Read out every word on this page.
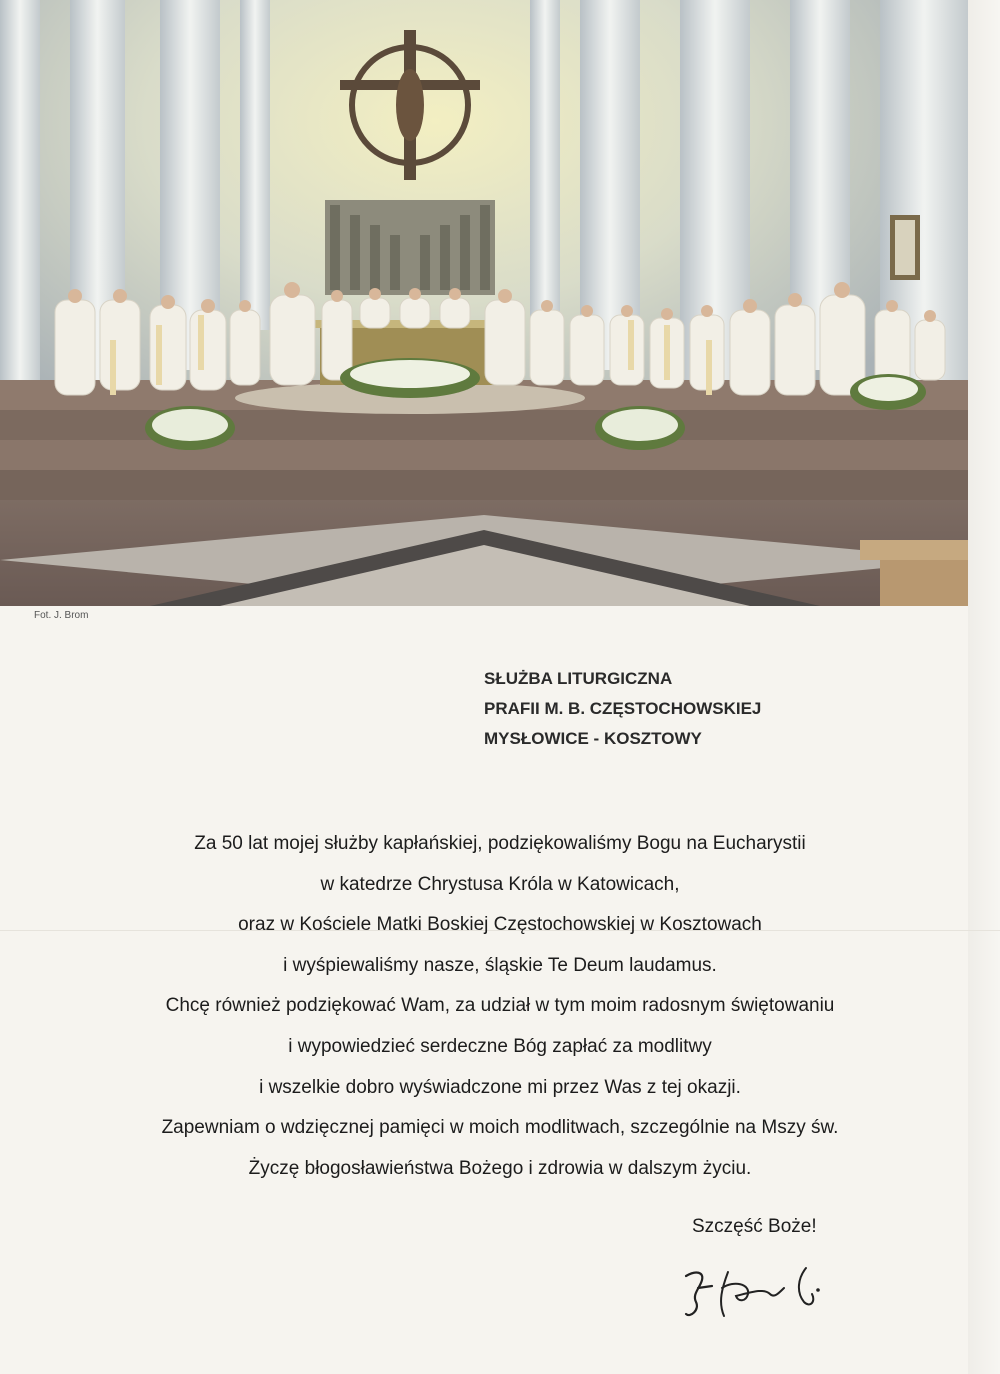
Fot. J. Brom
SŁUŻBA LITURGICZNA
PRAFII M. B. CZĘSTOCHOWSKIEJ
MYSŁOWICE - KOSZTOWY
Za 50 lat mojej służby kapłańskiej, podziękowaliśmy Bogu na Eucharystii
w katedrze Chrystusa Króla w Katowicach,
oraz w Kościele Matki Boskiej Częstochowskiej w Kosztowach
i wyśpiewaliśmy nasze, śląskie Te Deum laudamus.
Chcę również podziękować Wam, za udział w tym moim radosnym świętowaniu
i wypowiedzieć serdeczne Bóg zapłać za modlitwy
i wszelkie dobro wyświadczone mi przez Was z tej okazji.
Zapewniam o wdzięcznej pamięci w moich modlitwach, szczególnie na Mszy św.
Życzę błogosławieństwa Bożego i zdrowia w dalszym życiu.
Szczęść Boże!
